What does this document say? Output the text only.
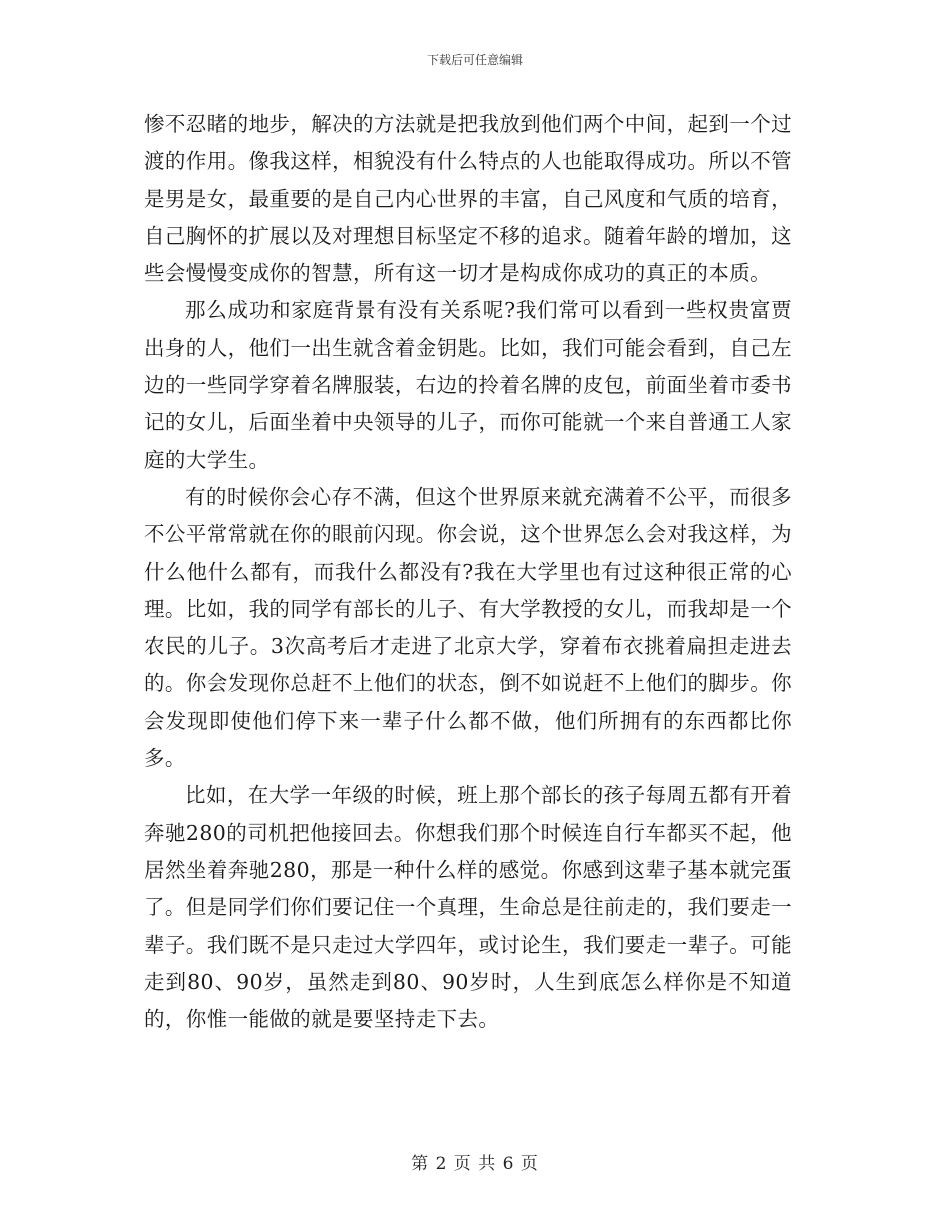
下载后可任意编辑

惨不忍睹的地步，解决的方法就是把我放到他们两个中间，起到一个过渡的作用。像我这样，相貌没有什么特点的人也能取得成功。所以不管是男是女，最重要的是自己内心世界的丰富，自己风度和气质的培育，自己胸怀的扩展以及对理想目标坚定不移的追求。随着年龄的增加，这些会慢慢变成你的智慧，所有这一切才是构成你成功的真正的本质。

那么成功和家庭背景有没有关系呢?我们常可以看到一些权贵富贾出身的人，他们一出生就含着金钥匙。比如，我们可能会看到，自己左边的一些同学穿着名牌服装，右边的拎着名牌的皮包，前面坐着市委书记的女儿，后面坐着中央领导的儿子，而你可能就一个来自普通工人家庭的大学生。

有的时候你会心存不满，但这个世界原来就充满着不公平，而很多不公平常常就在你的眼前闪现。你会说，这个世界怎么会对我这样，为什么他什么都有，而我什么都没有?我在大学里也有过这种很正常的心理。比如，我的同学有部长的儿子、有大学教授的女儿，而我却是一个农民的儿子。3次高考后才走进了北京大学，穿着布衣挑着扁担走进去的。你会发现你总赶不上他们的状态，倒不如说赶不上他们的脚步。你会发现即使他们停下来一辈子什么都不做，他们所拥有的东西都比你多。

比如，在大学一年级的时候，班上那个部长的孩子每周五都有开着奔驰280的司机把他接回去。你想我们那个时候连自行车都买不起，他居然坐着奔驰280，那是一种什么样的感觉。你感到这辈子基本就完蛋了。但是同学们你们要记住一个真理，生命总是往前走的，我们要走一辈子。我们既不是只走过大学四年，或讨论生，我们要走一辈子。可能走到80、90岁，虽然走到80、90岁时，人生到底怎么样你是不知道的，你惟一能做的就是要坚持走下去。

第 2 页 共 6 页
